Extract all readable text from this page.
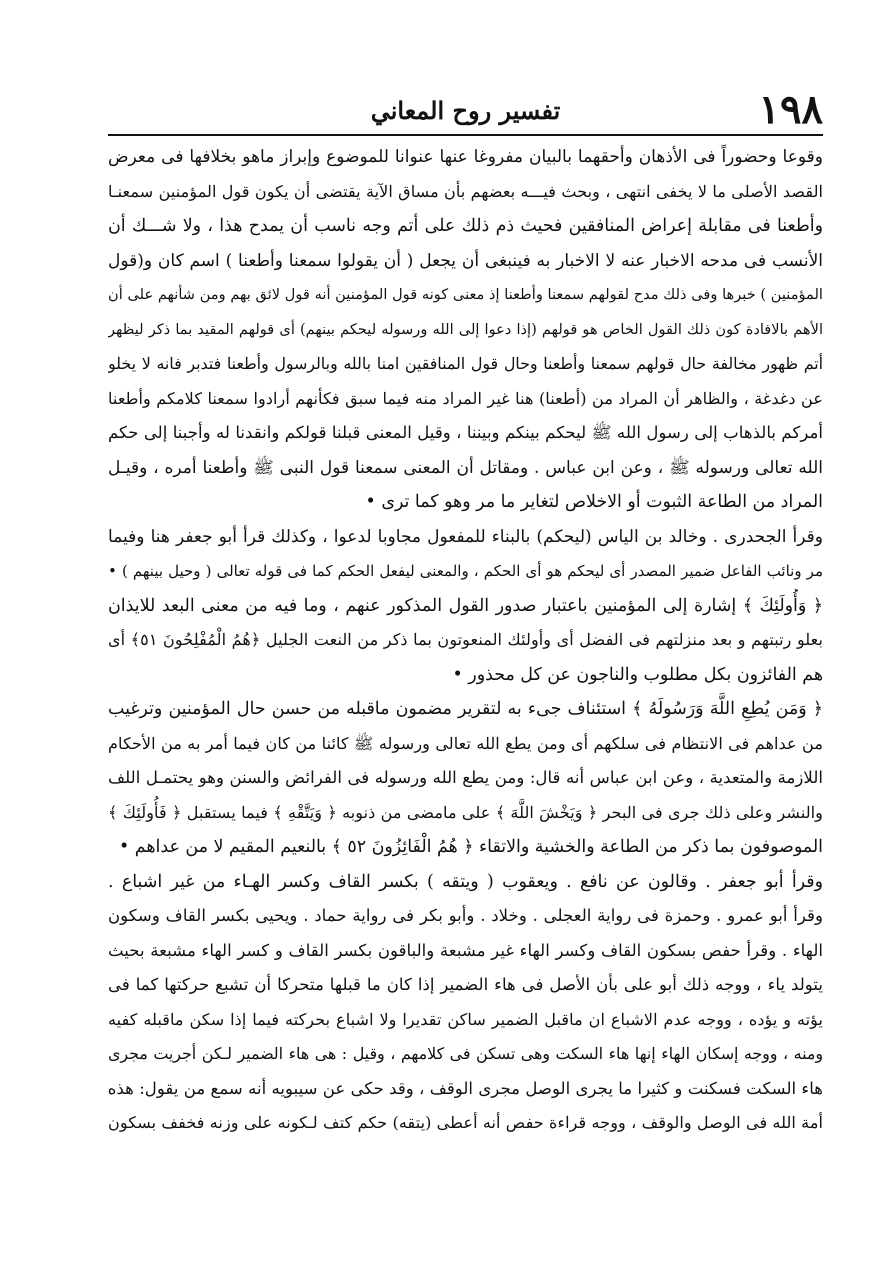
١٩٨
تفسير روح المعاني
وقوعا وحضوراً فى الأذهان وأحقهما بالبيان مفروغا عنها عنوانا للموضوع وإبراز ماهو بخلافها فى معرض
القصد الأصلى ما لا يخفى انتهى ، وبحث فيـــه بعضهم بأن مساق الآية يقتضى أن يكون قول المؤمنين سمعنـا
وأطعنا فى مقابلة إعراض المنافقين فحيث ذم ذلك على أتم وجه ناسب أن يمدح هذا ، ولا شـــك أن
الأنسب فى مدحه الاخبار عنه لا الاخبار به فينبغى أن يجعل ( أن يقولوا سمعنا وأطعنا ) اسم كان و(قول
المؤمنين ) خبرها وفى ذلك مدح لقولهم سمعنا وأطعنا إذ معنى كونه قول المؤمنين أنه قول لائق بهم ومن شأنهم على أن
الأهم بالافادة كون ذلك القول الخاص هو قولهم (إذا دعوا إلى الله ورسوله ليحكم بينهم) أى قولهم المقيد بما ذكر ليظهر
أتم ظهور مخالفة حال قولهم سمعنا وأطعنا وحال قول المنافقين امنا بالله وبالرسول وأطعنا فتدبر فانه لا يخلو
عن دغدغة ، والظاهر أن المراد من (أطعنا) هنا غير المراد منه فيما سبق فكأنهم أرادوا سمعنا كلامكم وأطعنا
أمركم بالذهاب إلى رسول الله ﷺ ليحكم بينكم وبيننا ، وقيل المعنى قبلنا قولكم وانقدنا له وأجبنا إلى حكم
الله تعالى ورسوله ﷺ ، وعن ابن عباس . ومقاتل أن المعنى سمعنا قول النبى ﷺ وأطعنا أمره ، وقيـل
المراد من الطاعة الثبوت أو الاخلاص لتغاير ما مر وهو كما ترى •
وقرأ الجحدرى . وخالد بن الياس (ليحكم) بالبناء للمفعول مجاوبا لدعوا ، وكذلك قرأ أبو جعفر هنا وفيما
مر ونائب الفاعل ضمير المصدر أى ليحكم هو أى الحكم ، والمعنى ليفعل الحكم كما فى قوله تعالى ( وحيل بينهم ) •
﴿ وَأُولَئِكَ ﴾ إشارة إلى المؤمنين باعتبار صدور القول المذكور عنهم ، وما فيه من معنى البعد للايذان
بعلو رتبتهم و بعد منزلتهم فى الفضل أى وأولئك المنعوتون بما ذكر من النعت الجليل ﴿هُمُ الْمُفْلِحُونَ ٥١﴾ أى
هم الفائزون بكل مطلوب والناجون عن كل محذور •
﴿ وَمَن يُطِعِ اللَّهَ وَرَسُولَهُ ﴾ استئناف جىء به لتقرير مضمون ماقبله من حسن حال المؤمنين وترغيب
من عداهم فى الانتظام فى سلكهم أى ومن يطع الله تعالى ورسوله ﷺ كائنا من كان فيما أمر به من الأحكام
اللازمة والمتعدية ، وعن ابن عباس أنه قال: ومن يطع الله ورسوله فى الفرائض والسنن وهو يحتمـل اللف
والنشر وعلى ذلك جرى فى البحر ﴿ وَيَخْشَ اللَّهَ ﴾ على مامضى من ذنوبه ﴿ وَيَتَّقْهِ ﴾ فيما يستقبل ﴿ فَأُولَئِكَ ﴾
الموصوفون بما ذكر من الطاعة والخشية والاتقاء ﴿ هُمُ الْفَائِزُونَ ٥٢ ﴾ بالنعيم المقيم لا من عداهم •
وقرأ أبو جعفر . وقالون عن نافع . ويعقوب ( ويتقه ) بكسر القاف وكسر الهـاء من غير اشباع .
وقرأ أبو عمرو . وحمزة فى رواية العجلى . وخلاد . وأبو بكر فى رواية حماد . ويحيى بكسر القاف وسكون
الهاء . وقرأ حفص بسكون القاف وكسر الهاء غير مشبعة والباقون بكسر القاف و كسر الهاء مشبعة بحيث
يتولد ياء ، ووجه ذلك أبو على بأن الأصل فى هاء الضمير إذا كان ما قبلها متحركا أن تشبع حركتها كما فى
يؤته و يؤده ، ووجه عدم الاشباع ان ماقبل الضمير ساكن تقديرا ولا اشباع بحركته فيما إذا سكن ماقبله كفيه
ومنه ، ووجه إسكان الهاء إنها هاء السكت وهى تسكن فى كلامهم ، وقيل : هى هاء الضمير لـكن أجريت مجرى
هاء السكت فسكنت و كثيرا ما يجرى الوصل مجرى الوقف ، وقد حكى عن سيبويه أنه سمع من يقول: هذه
أمة الله فى الوصل والوقف ، ووجه قراءة حفص أنه أعطى (يتقه) حكم كتف لـكونه على وزنه فخفف بسكون
